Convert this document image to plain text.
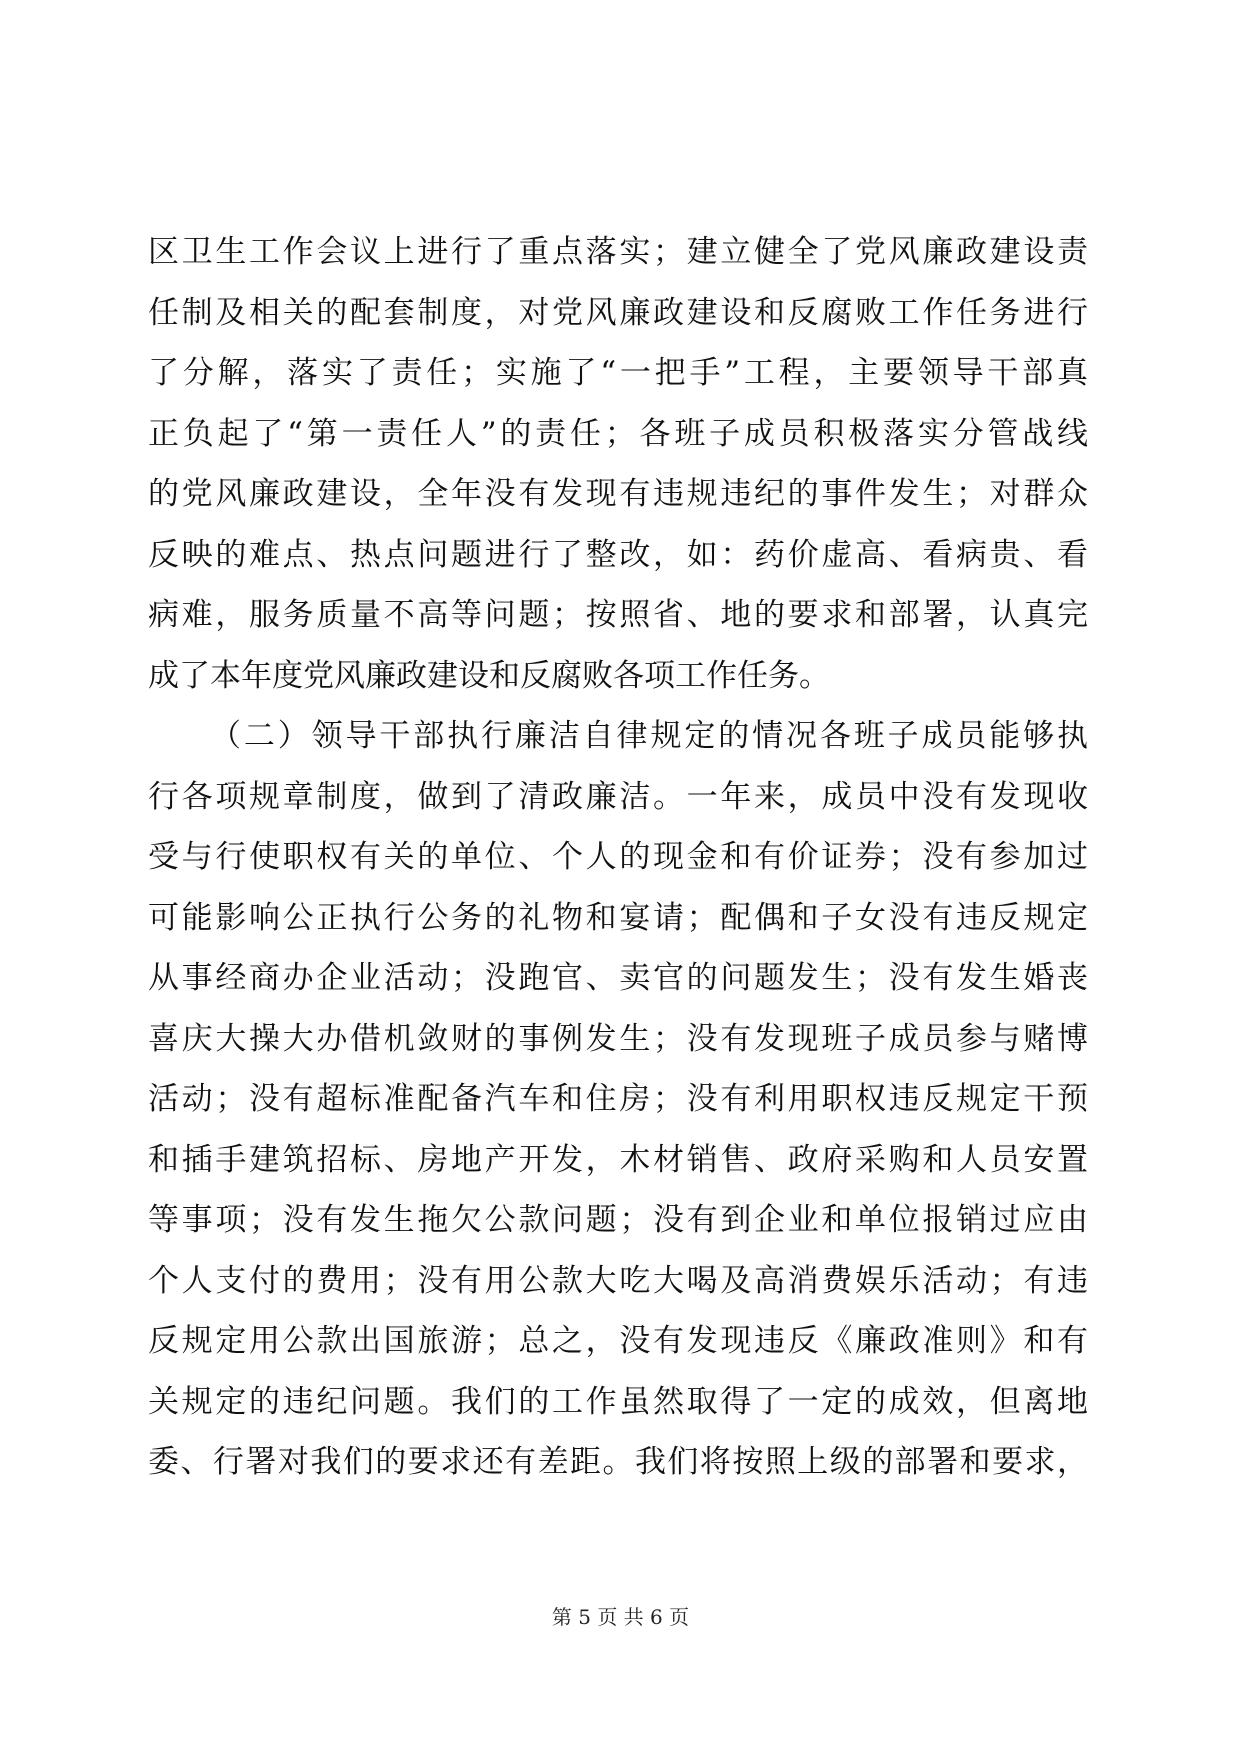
区卫生工作会议上进行了重点落实；建立健全了党风廉政建设责
任制及相关的配套制度，对党风廉政建设和反腐败工作任务进行
了分解，落实了责任；实施了“一把手”工程，主要领导干部真
正负起了“第一责任人”的责任；各班子成员积极落实分管战线
的党风廉政建设，全年没有发现有违规违纪的事件发生；对群众
反映的难点、热点问题进行了整改，如：药价虚高、看病贵、看
病难，服务质量不高等问题；按照省、地的要求和部署，认真完
成了本年度党风廉政建设和反腐败各项工作任务。
（二）领导干部执行廉洁自律规定的情况各班子成员能够执
行各项规章制度，做到了清政廉洁。一年来，成员中没有发现收
受与行使职权有关的单位、个人的现金和有价证券；没有参加过
可能影响公正执行公务的礼物和宴请；配偶和子女没有违反规定
从事经商办企业活动；没跑官、卖官的问题发生；没有发生婚丧
喜庆大操大办借机敛财的事例发生；没有发现班子成员参与赌博
活动；没有超标准配备汽车和住房；没有利用职权违反规定干预
和插手建筑招标、房地产开发，木材销售、政府采购和人员安置
等事项；没有发生拖欠公款问题；没有到企业和单位报销过应由
个人支付的费用；没有用公款大吃大喝及高消费娱乐活动；有违
反规定用公款出国旅游；总之，没有发现违反《廉政准则》和有
关规定的违纪问题。我们的工作虽然取得了一定的成效，但离地
委、行署对我们的要求还有差距。我们将按照上级的部署和要求，
第 5 页 共 6 页
